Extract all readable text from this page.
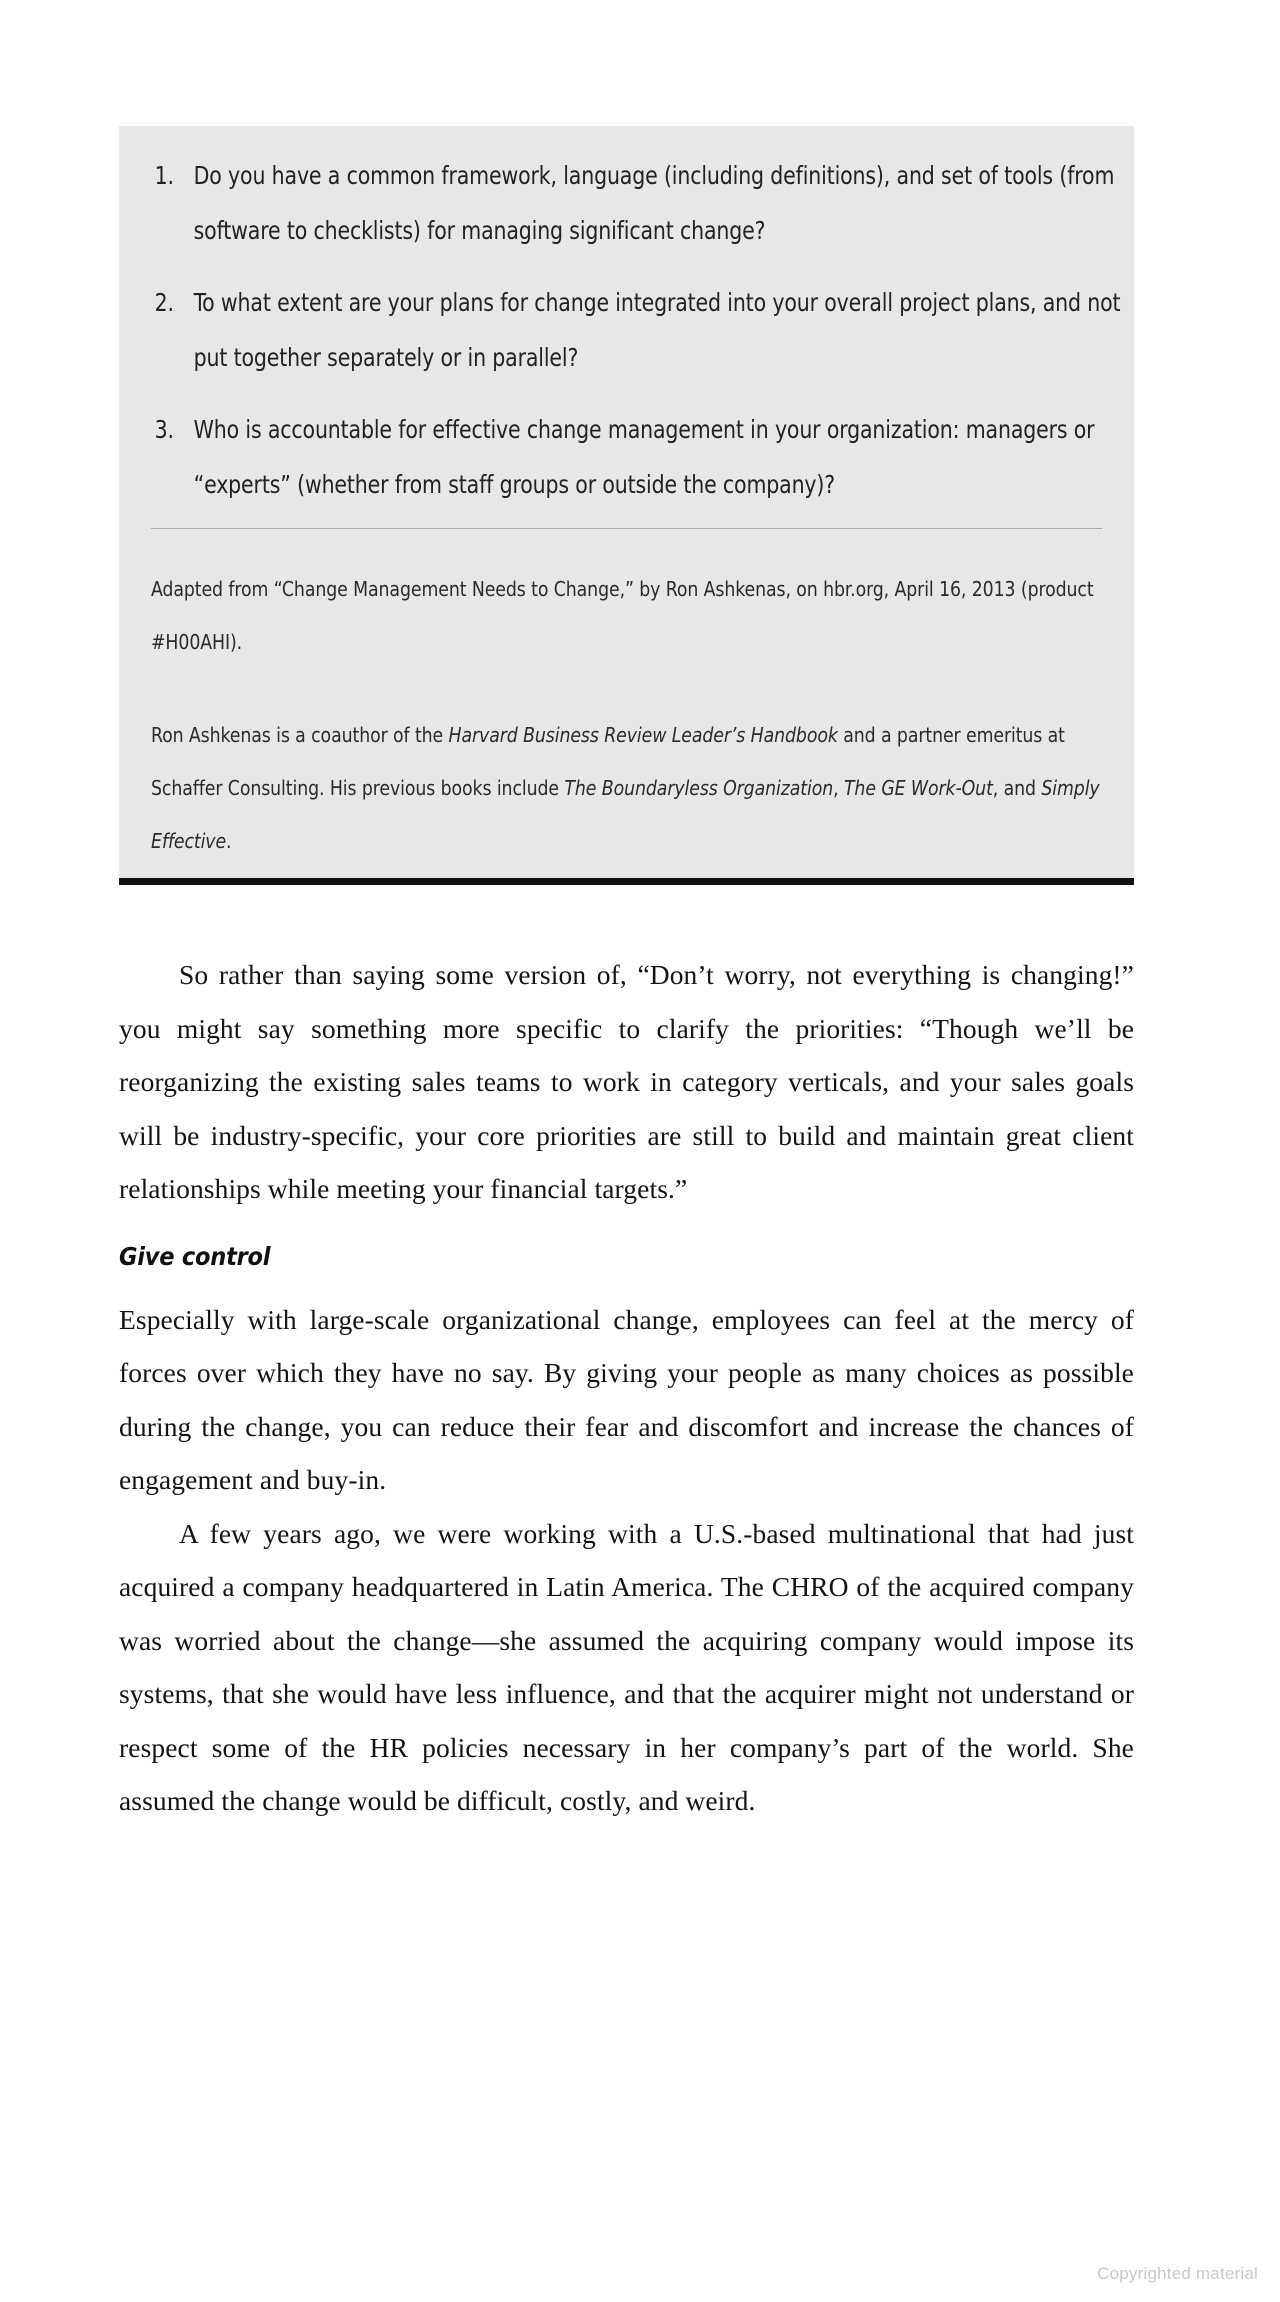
1. Do you have a common framework, language (including definitions), and set of tools (from software to checklists) for managing significant change?
2. To what extent are your plans for change integrated into your overall project plans, and not put together separately or in parallel?
3. Who is accountable for effective change management in your organization: managers or “experts” (whether from staff groups or outside the company)?

Adapted from “Change Management Needs to Change,” by Ron Ashkenas, on hbr.org, April 16, 2013 (product #H00AHI).

Ron Ashkenas is a coauthor of the Harvard Business Review Leader’s Handbook and a partner emeritus at Schaffer Consulting. His previous books include The Boundaryless Organization, The GE Work-Out, and Simply Effective.

So rather than saying some version of, “Don’t worry, not everything is changing!” you might say something more specific to clarify the priorities: “Though we’ll be reorganizing the existing sales teams to work in category verticals, and your sales goals will be industry-specific, your core priorities are still to build and maintain great client relationships while meeting your financial targets.”

Give control

Especially with large-scale organizational change, employees can feel at the mercy of forces over which they have no say. By giving your people as many choices as possible during the change, you can reduce their fear and discomfort and increase the chances of engagement and buy-in.

A few years ago, we were working with a U.S.-based multinational that had just acquired a company headquartered in Latin America. The CHRO of the acquired company was worried about the change—she assumed the acquiring company would impose its systems, that she would have less influence, and that the acquirer might not understand or respect some of the HR policies necessary in her company’s part of the world. She assumed the change would be difficult, costly, and weird.

Copyrighted material
